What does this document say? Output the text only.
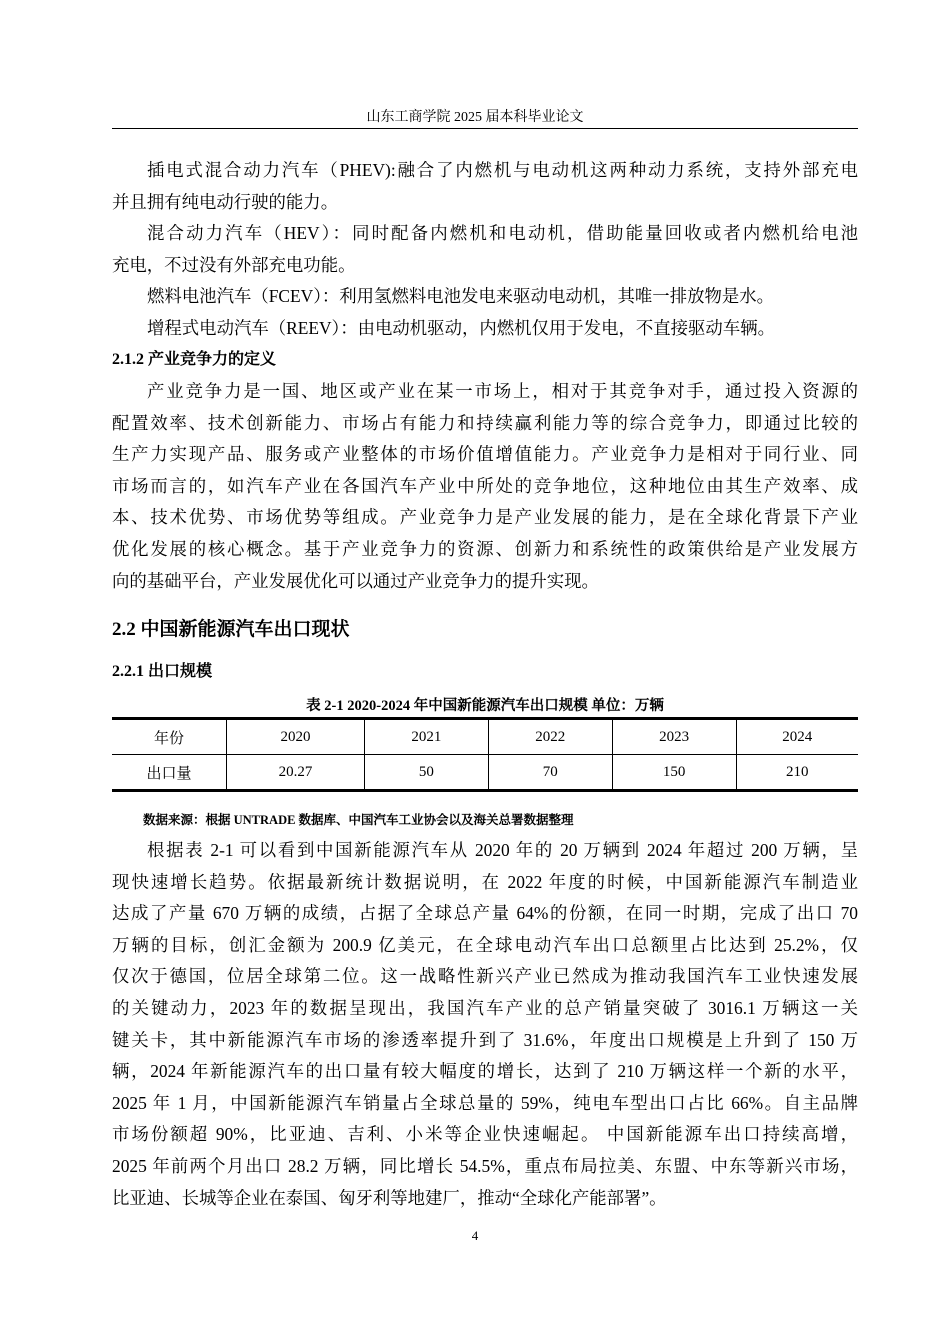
山东工商学院 2025 届本科毕业论文
插电式混合动力汽车（PHEV):融合了内燃机与电动机这两种动力系统，支持外部充电
并且拥有纯电动行驶的能力。
混合动力汽车（HEV）：同时配备内燃机和电动机，借助能量回收或者内燃机给电池
充电，不过没有外部充电功能。
燃料电池汽车（FCEV）：利用氢燃料电池发电来驱动电动机，其唯一排放物是水。
增程式电动汽车（REEV）：由电动机驱动，内燃机仅用于发电，不直接驱动车辆。
2.1.2 产业竞争力的定义
产业竞争力是一国、地区或产业在某一市场上，相对于其竞争对手，通过投入资源的
配置效率、技术创新能力、市场占有能力和持续赢利能力等的综合竞争力，即通过比较的
生产力实现产品、服务或产业整体的市场价值增值能力。产业竞争力是相对于同行业、同
市场而言的，如汽车产业在各国汽车产业中所处的竞争地位，这种地位由其生产效率、成
本、技术优势、市场优势等组成。产业竞争力是产业发展的能力，是在全球化背景下产业
优化发展的核心概念。基于产业竞争力的资源、创新力和系统性的政策供给是产业发展方
向的基础平台，产业发展优化可以通过产业竞争力的提升实现。
2.2 中国新能源汽车出口现状
2.2.1 出口规模
表 2-1 2020-2024 年中国新能源汽车出口规模 单位：万辆
年份	2020	2021	2022	2023	2024
出口量	20.27	50	70	150	210
数据来源：根据 UNTRADE 数据库、中国汽车工业协会以及海关总署数据整理
根据表 2-1 可以看到中国新能源汽车从 2020 年的 20 万辆到 2024 年超过 200 万辆，呈
现快速增长趋势。依据最新统计数据说明，在 2022 年度的时候，中国新能源汽车制造业
达成了产量 670 万辆的成绩，占据了全球总产量 64%的份额，在同一时期，完成了出口 70
万辆的目标，创汇金额为 200.9 亿美元，在全球电动汽车出口总额里占比达到 25.2%，仅
仅次于德国，位居全球第二位。这一战略性新兴产业已然成为推动我国汽车工业快速发展
的关键动力，2023 年的数据呈现出，我国汽车产业的总产销量突破了 3016.1 万辆这一关
键关卡，其中新能源汽车市场的渗透率提升到了 31.6%，年度出口规模是上升到了 150 万
辆，2024 年新能源汽车的出口量有较大幅度的增长，达到了 210 万辆这样一个新的水平，
2025 年 1 月，中国新能源汽车销量占全球总量的 59%，纯电车型出口占比 66%。自主品牌
市场份额超 90%，比亚迪、吉利、小米等企业快速崛起。 中国新能源车出口持续高增，
2025 年前两个月出口 28.2 万辆，同比增长 54.5%，重点布局拉美、东盟、中东等新兴市场，
比亚迪、长城等企业在泰国、匈牙利等地建厂，推动“全球化产能部署”。
4
